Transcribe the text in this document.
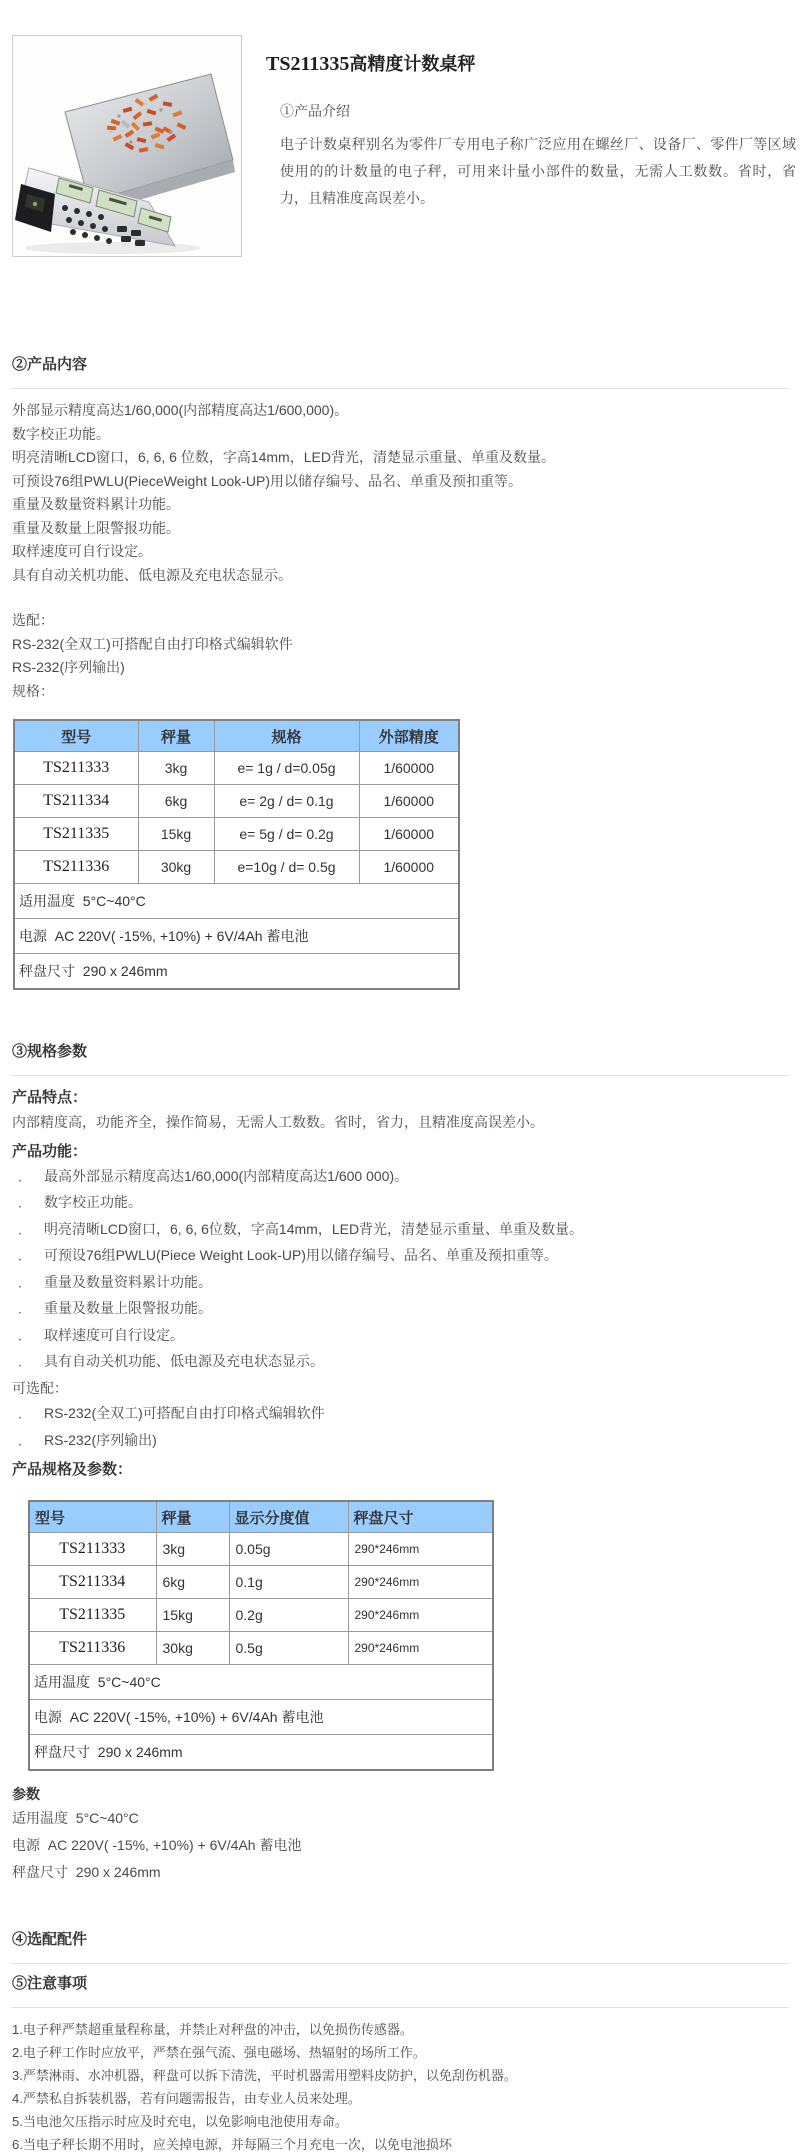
TS211335高精度计数桌秤
①产品介绍
电子计数桌秤别名为零件厂专用电子称广泛应用在螺丝厂、设备厂、零件厂等区域使用的的计数量的电子秤，可用来计量小部件的数量，无需人工数数。省时，省力，且精准度高误差小。
②产品内容
外部显示精度高达1/60,000(内部精度高达1/600,000)。
数字校正功能。
明亮清晰LCD窗口，6, 6, 6 位数，字高14mm，LED背光，清楚显示重量、单重及数量。
可预设76组PWLU(PieceWeight Look-UP)用以储存编号、品名、单重及预扣重等。
重量及数量资料累计功能。
重量及数量上限警报功能。
取样速度可自行设定。
具有自动关机功能、低电源及充电状态显示。
选配：
RS-232(全双工)可搭配自由打印格式编辑软件
RS-232(序列输出)
规格：
型号	秤量	规格	外部精度
TS211333	3kg	e= 1g / d=0.05g	1/60000
TS211334	6kg	e= 2g / d= 0.1g	1/60000
TS211335	15kg	e= 5g / d= 0.2g	1/60000
TS211336	30kg	e=10g / d= 0.5g	1/60000
适用温度  5°C~40°C			
电源  AC 220V( -15%, +10%) + 6V/4Ah 蓄电池			
秤盘尺寸  290 x 246mm			
③规格参数
产品特点：
内部精度高，功能齐全，操作简易，无需人工数数。省时，省力，且精准度高误差小。
产品功能：
． 最高外部显示精度高达1/60,000(内部精度高达1/600 000)。
． 数字校正功能。
． 明亮清晰LCD窗口，6, 6, 6位数，字高14mm，LED背光，清楚显示重量、单重及数量。
． 可预设76组PWLU(Piece Weight Look-UP)用以储存编号、品名、单重及预扣重等。
． 重量及数量资料累计功能。
． 重量及数量上限警报功能。
． 取样速度可自行设定。
． 具有自动关机功能、低电源及充电状态显示。
可选配：
． RS-232(全双工)可搭配自由打印格式编辑软件
． RS-232(序列输出)
产品规格及参数：
型号	秤量	显示分度值	秤盘尺寸
TS211333	3kg	0.05g	290*246mm
TS211334	6kg	0.1g	290*246mm
TS211335	15kg	0.2g	290*246mm
TS211336	30kg	0.5g	290*246mm
适用温度  5°C~40°C			
电源  AC 220V( -15%, +10%) + 6V/4Ah 蓄电池			
秤盘尺寸  290 x 246mm			
参数
适用温度  5°C~40°C
电源  AC 220V( -15%, +10%) + 6V/4Ah 蓄电池
秤盘尺寸  290 x 246mm
④选配配件
⑤注意事项
1.电子秤严禁超重量程称量，并禁止对秤盘的冲击，以免损伤传感器。
2.电子秤工作时应放平，严禁在强气流、强电磁场、热辐射的场所工作。
3.严禁淋雨、水冲机器，秤盘可以拆下清洗，平时机器需用塑料皮防护，以免刮伤机器。
4.严禁私自拆装机器，若有问题需报告，由专业人员来处理。
5.当电池欠压指示时应及时充电，以免影响电池使用寿命。
6.当电子秤长期不用时，应关掉电源，并每隔三个月充电一次，以免电池损坏
